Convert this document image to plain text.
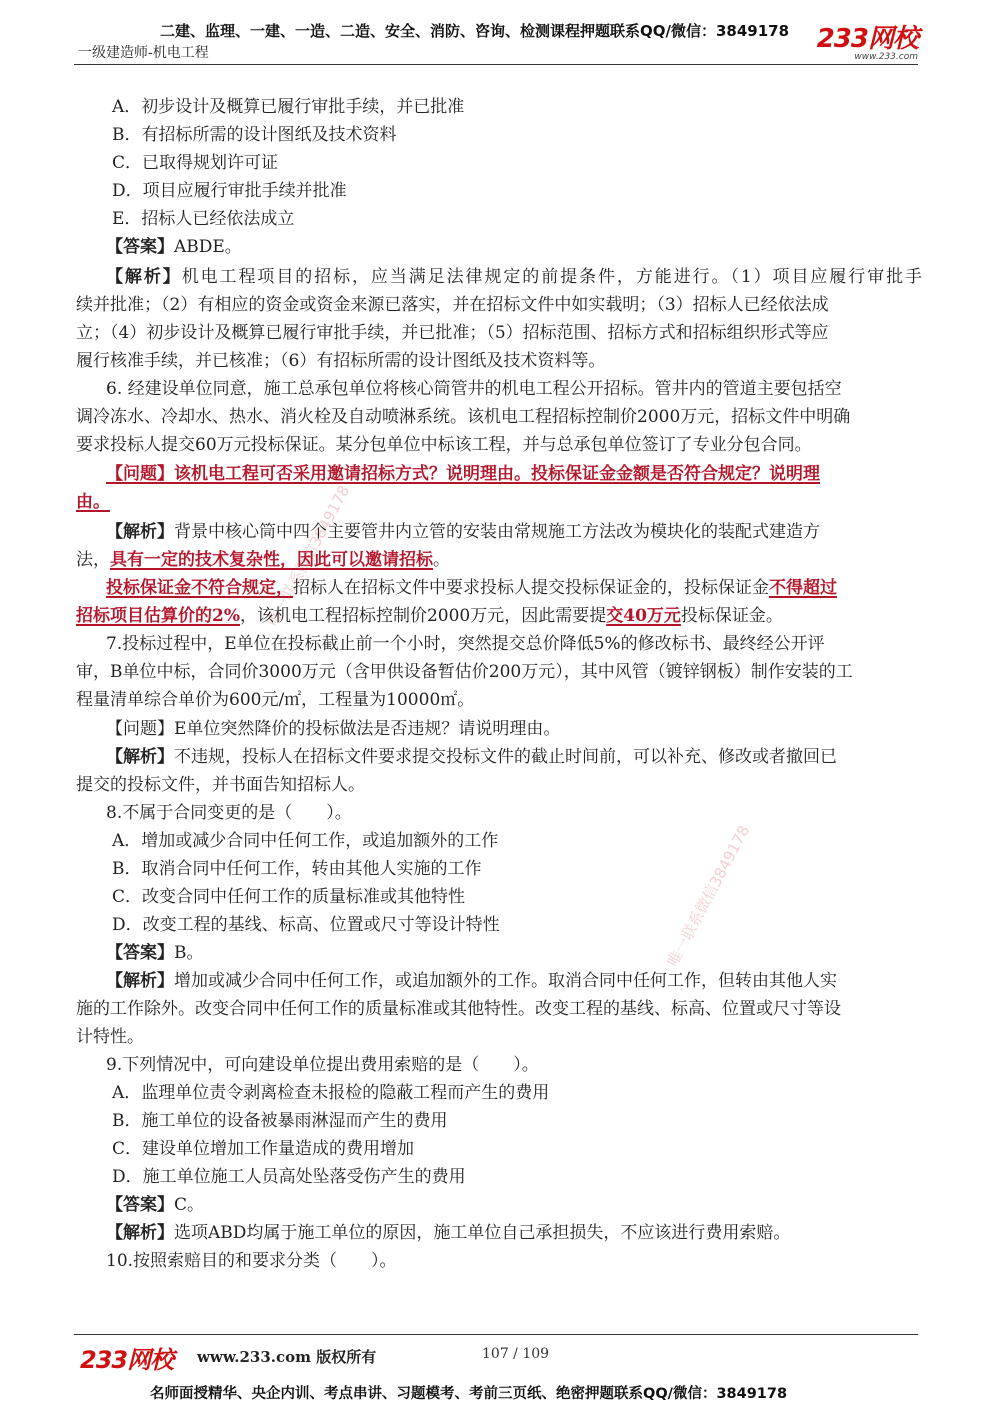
二建、监理、一建、一造、二造、安全、消防、咨询、检测课程押题联系QQ/微信：3849178
一级建造师-机电工程	233网校
www.233.com
A．初步设计及概算已履行审批手续，并已批准
B．有招标所需的设计图纸及技术资料
C．已取得规划许可证
D．项目应履行审批手续并批准
E．招标人已经依法成立
【答案】ABDE。
【解析】机电工程项目的招标，应当满足法律规定的前提条件，方能进行。（1）项目应履行审批手
续并批准；（2）有相应的资金或资金来源已落实，并在招标文件中如实载明；（3）招标人已经依法成
立；（4）初步设计及概算已履行审批手续，并已批准；（5）招标范围、招标方式和招标组织形式等应
履行核准手续，并已核准；（6）有招标所需的设计图纸及技术资料等。
6. 经建设单位同意，施工总承包单位将核心筒管井的机电工程公开招标。管井内的管道主要包括空
调冷冻水、冷却水、热水、消火栓及自动喷淋系统。该机电工程招标控制价2000万元，招标文件中明确
要求投标人提交60万元投标保证。某分包单位中标该工程，并与总承包单位签订了专业分包合同。
【问题】该机电工程可否采用邀请招标方式？说明理由。投标保证金金额是否符合规定？说明理
由。
【解析】背景中核心筒中四个主要管井内立管的安装由常规施工方法改为模块化的装配式建造方
法，具有一定的技术复杂性，因此可以邀请招标。
投标保证金不符合规定，招标人在招标文件中要求投标人提交投标保证金的，投标保证金不得超过
招标项目估算价的2%，该机电工程招标控制价2000万元，因此需要提交40万元投标保证金。
7.投标过程中，E单位在投标截止前一个小时，突然提交总价降低5%的修改标书、最终经公开评
审，B单位中标，合同价3000万元（含甲供设备暂估价200万元），其中风管（镀锌钢板）制作安装的工
程量清单综合单价为600元/㎡，工程量为10000㎡。
【问题】E单位突然降价的投标做法是否违规？请说明理由。
【解析】不违规，投标人在招标文件要求提交投标文件的截止时间前，可以补充、修改或者撤回已
提交的投标文件，并书面告知招标人。
8.不属于合同变更的是（　　）。
A．增加或减少合同中任何工作，或追加额外的工作
B．取消合同中任何工作，转由其他人实施的工作
C．改变合同中任何工作的质量标准或其他特性
D．改变工程的基线、标高、位置或尺寸等设计特性
【答案】B。
【解析】增加或减少合同中任何工作，或追加额外的工作。取消合同中任何工作，但转由其他人实
施的工作除外。改变合同中任何工作的质量标准或其他特性。改变工程的基线、标高、位置或尺寸等设
计特性。
9.下列情况中，可向建设单位提出费用索赔的是（　　）。
A．监理单位责令剥离检查未报检的隐蔽工程而产生的费用
B．施工单位的设备被暴雨淋湿而产生的费用
C．建设单位增加工作量造成的费用增加
D．施工单位施工人员高处坠落受伤产生的费用
【答案】C。
【解析】选项ABD均属于施工单位的原因，施工单位自己承担损失，不应该进行费用索赔。
10.按照索赔目的和要求分类（　　）。
唯一联系微信3849178
唯一联系微信3849178
233网校 www.233.com 版权所有	107 / 109
名师面授精华、央企内训、考点串讲、习题模考、考前三页纸、绝密押题联系QQ/微信：3849178
